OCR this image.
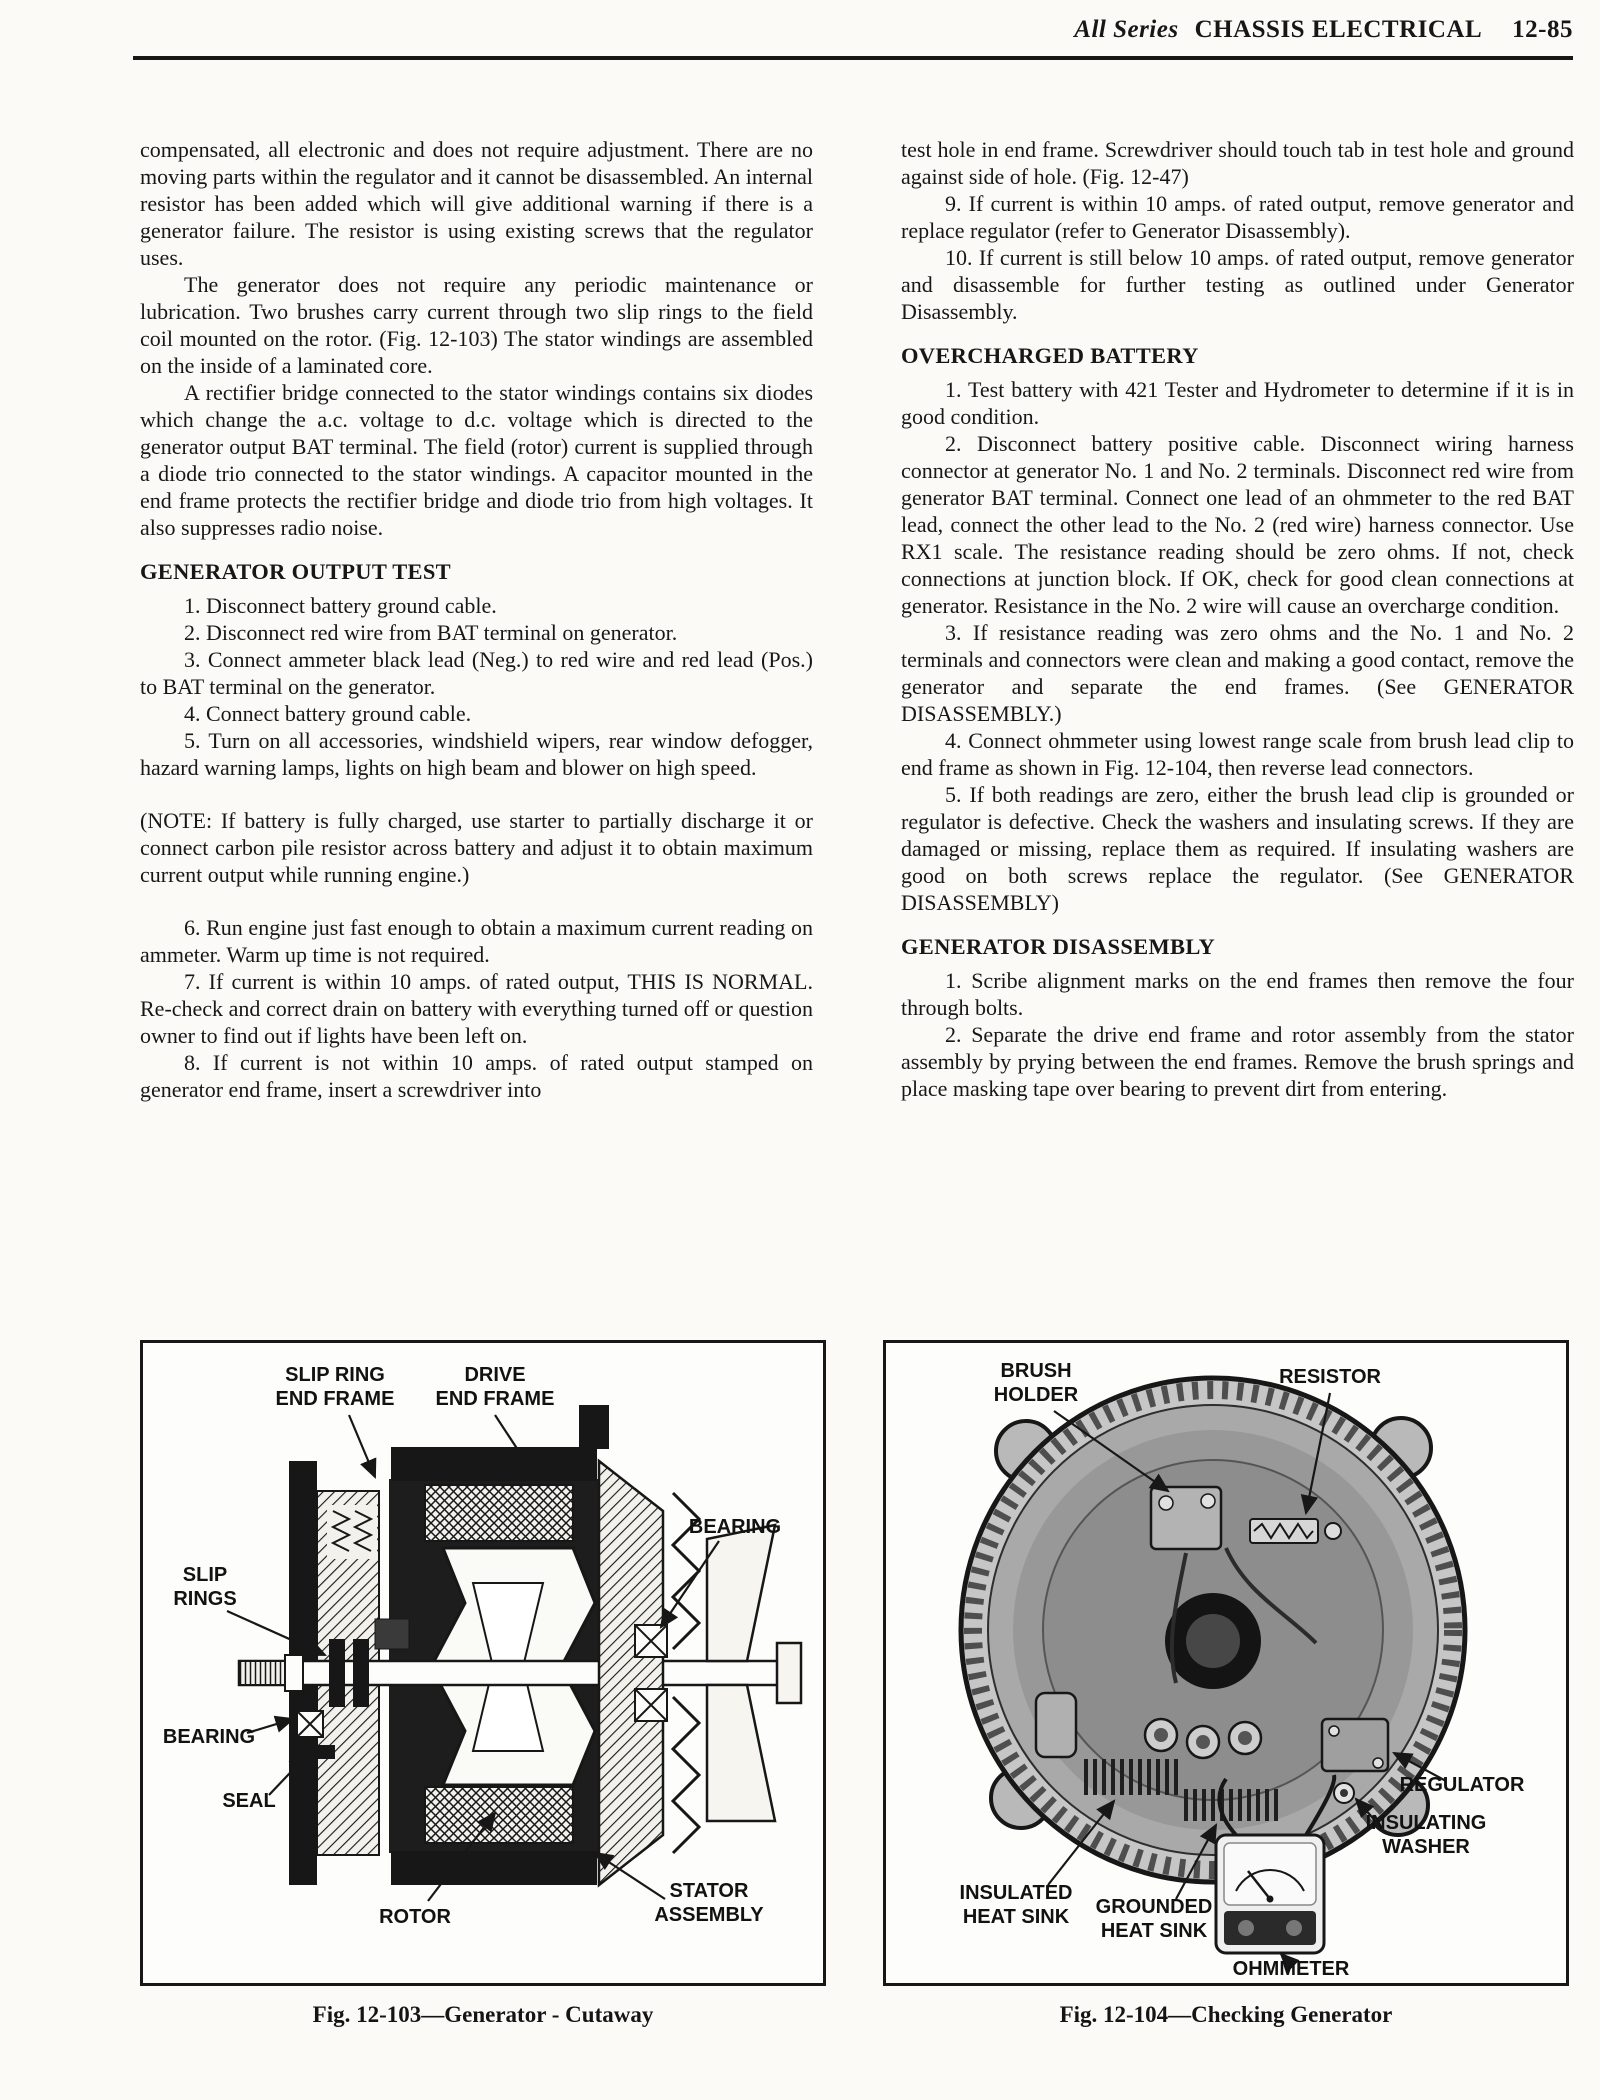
All Series CHASSIS ELECTRICAL 12-85

compensated, all electronic and does not require adjustment. There are no moving parts within the regulator and it cannot be disassembled. An internal resistor has been added which will give additional warning if there is a generator failure. The resistor is using existing screws that the regulator uses.

The generator does not require any periodic maintenance or lubrication. Two brushes carry current through two slip rings to the field coil mounted on the rotor. (Fig. 12-103) The stator windings are assembled on the inside of a laminated core.

A rectifier bridge connected to the stator windings contains six diodes which change the a.c. voltage to d.c. voltage which is directed to the generator output BAT terminal. The field (rotor) current is supplied through a diode trio connected to the stator windings. A capacitor mounted in the end frame protects the rectifier bridge and diode trio from high voltages. It also suppresses radio noise.

GENERATOR OUTPUT TEST

1. Disconnect battery ground cable.

2. Disconnect red wire from BAT terminal on generator.

3. Connect ammeter black lead (Neg.) to red wire and red lead (Pos.) to BAT terminal on the generator.

4. Connect battery ground cable.

5. Turn on all accessories, windshield wipers, rear window defogger, hazard warning lamps, lights on high beam and blower on high speed.

(NOTE: If battery is fully charged, use starter to partially discharge it or connect carbon pile resistor across battery and adjust it to obtain maximum current output while running engine.)

6. Run engine just fast enough to obtain a maximum current reading on ammeter. Warm up time is not required.

7. If current is within 10 amps. of rated output, THIS IS NORMAL. Re-check and correct drain on battery with everything turned off or question owner to find out if lights have been left on.

8. If current is not within 10 amps. of rated output stamped on generator end frame, insert a screwdriver into

test hole in end frame. Screwdriver should touch tab in test hole and ground against side of hole. (Fig. 12-47)

9. If current is within 10 amps. of rated output, remove generator and replace regulator (refer to Generator Disassembly).

10. If current is still below 10 amps. of rated output, remove generator and disassemble for further testing as outlined under Generator Disassembly.

OVERCHARGED BATTERY

1. Test battery with 421 Tester and Hydrometer to determine if it is in good condition.

2. Disconnect battery positive cable. Disconnect wiring harness connector at generator No. 1 and No. 2 terminals. Disconnect red wire from generator BAT terminal. Connect one lead of an ohmmeter to the red BAT lead, connect the other lead to the No. 2 (red wire) harness connector. Use RX1 scale. The resistance reading should be zero ohms. If not, check connections at junction block. If OK, check for good clean connections at generator. Resistance in the No. 2 wire will cause an overcharge condition.

3. If resistance reading was zero ohms and the No. 1 and No. 2 terminals and connectors were clean and making a good contact, remove the generator and separate the end frames. (See GENERATOR DISASSEMBLY.)

4. Connect ohmmeter using lowest range scale from brush lead clip to end frame as shown in Fig. 12-104, then reverse lead connectors.

5. If both readings are zero, either the brush lead clip is grounded or regulator is defective. Check the washers and insulating screws. If they are damaged or missing, replace them as required. If insulating washers are good on both screws replace the regulator. (See GENERATOR DISASSEMBLY)

GENERATOR DISASSEMBLY

1. Scribe alignment marks on the end frames then remove the four through bolts.

2. Separate the drive end frame and rotor assembly from the stator assembly by prying between the end frames. Remove the brush springs and place masking tape over bearing to prevent dirt from entering.

SLIP RING
END FRAME
DRIVE
END FRAME
BEARING
SLIP
RINGS
BEARING
SEAL
ROTOR
STATOR
ASSEMBLY
Fig. 12-103—Generator - Cutaway
BRUSH
HOLDER
RESISTOR
REGULATOR
INSULATING
WASHER
INSULATED
HEAT SINK GROUNDED
HEAT SINK
OHMMETER
Fig. 12-104—Checking Generator
